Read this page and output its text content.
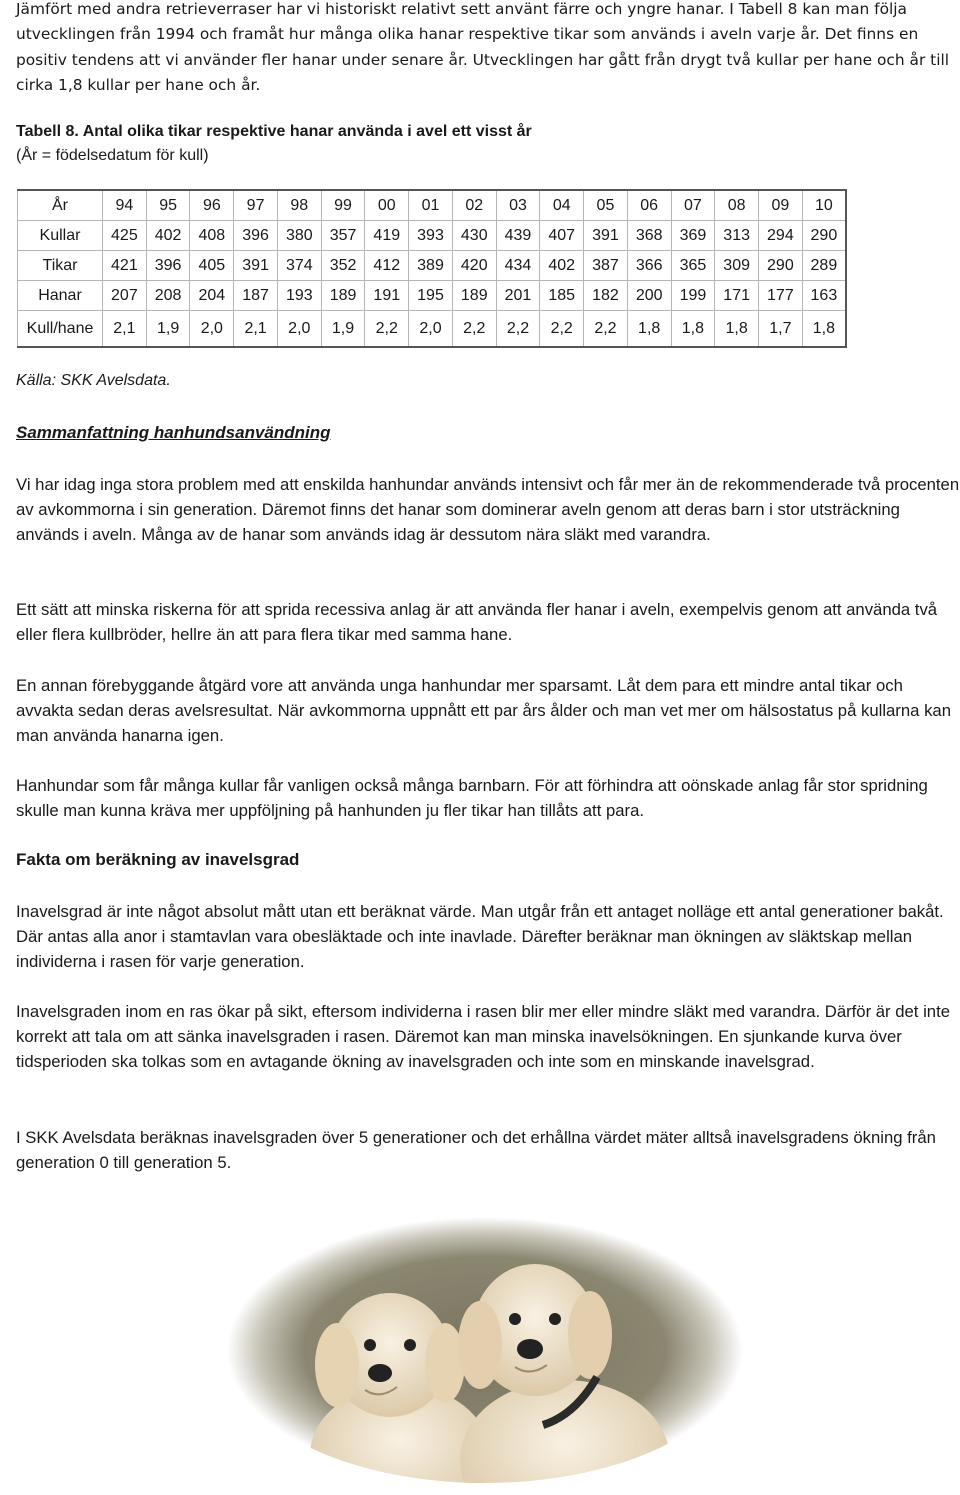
Jämfört med andra retrieverraser har vi historiskt relativt sett använt färre och yngre hanar. I Tabell 8 kan man följa utvecklingen från 1994 och framåt hur många olika hanar respektive tikar som används i aveln varje år. Det finns en positiv tendens att vi använder fler hanar under senare år. Utvecklingen har gått från drygt två kullar per hane och år till cirka 1,8 kullar per hane och år.

Tabell 8. Antal olika tikar respektive hanar använda i avel ett visst år

(År = födelsedatum för kull)

År	94	95	96	97	98	99	00	01	02	03	04	05	06	07	08	09	10
Kullar	425	402	408	396	380	357	419	393	430	439	407	391	368	369	313	294	290
Tikar	421	396	405	391	374	352	412	389	420	434	402	387	366	365	309	290	289
Hanar	207	208	204	187	193	189	191	195	189	201	185	182	200	199	171	177	163
Kull/hane	2,1	1,9	2,0	2,1	2,0	1,9	2,2	2,0	2,2	2,2	2,2	2,2	1,8	1,8	1,8	1,7	1,8

Källa: SKK Avelsdata.

Sammanfattning hanhundsanvändning

Vi har idag inga stora problem med att enskilda hanhundar används intensivt och får mer än de rekommenderade två procenten av avkommorna i sin generation. Däremot finns det hanar som dominerar aveln genom att deras barn i stor utsträckning används i aveln. Många av de hanar som används idag är dessutom nära släkt med varandra.

Ett sätt att minska riskerna för att sprida recessiva anlag är att använda fler hanar i aveln, exempelvis genom att använda två eller flera kullbröder, hellre än att para flera tikar med samma hane.

En annan förebyggande åtgärd vore att använda unga hanhundar mer sparsamt. Låt dem para ett mindre antal tikar och avvakta sedan deras avelsresultat. När avkommorna uppnått ett par års ålder och man vet mer om hälsostatus på kullarna kan man använda hanarna igen.

Hanhundar som får många kullar får vanligen också många barnbarn. För att förhindra att oönskade anlag får stor spridning skulle man kunna kräva mer uppföljning på hanhunden ju fler tikar han tillåts att para.

Fakta om beräkning av inavelsgrad

Inavelsgrad är inte något absolut mått utan ett beräknat värde. Man utgår från ett antaget nolläge ett antal generationer bakåt. Där antas alla anor i stamtavlan vara obesläktade och inte inavlade. Därefter beräknar man ökningen av släktskap mellan individerna i rasen för varje generation.

Inavelsgraden inom en ras ökar på sikt, eftersom individerna i rasen blir mer eller mindre släkt med varandra. Därför är det inte korrekt att tala om att sänka inavelsgraden i rasen. Däremot kan man minska inavelsökningen. En sjunkande kurva över tidsperioden ska tolkas som en avtagande ökning av inavelsgraden och inte som en minskande inavelsgrad.

I SKK Avelsdata beräknas inavelsgraden över 5 generationer och det erhållna värdet mäter alltså inavelsgradens ökning från generation 0 till generation 5.
